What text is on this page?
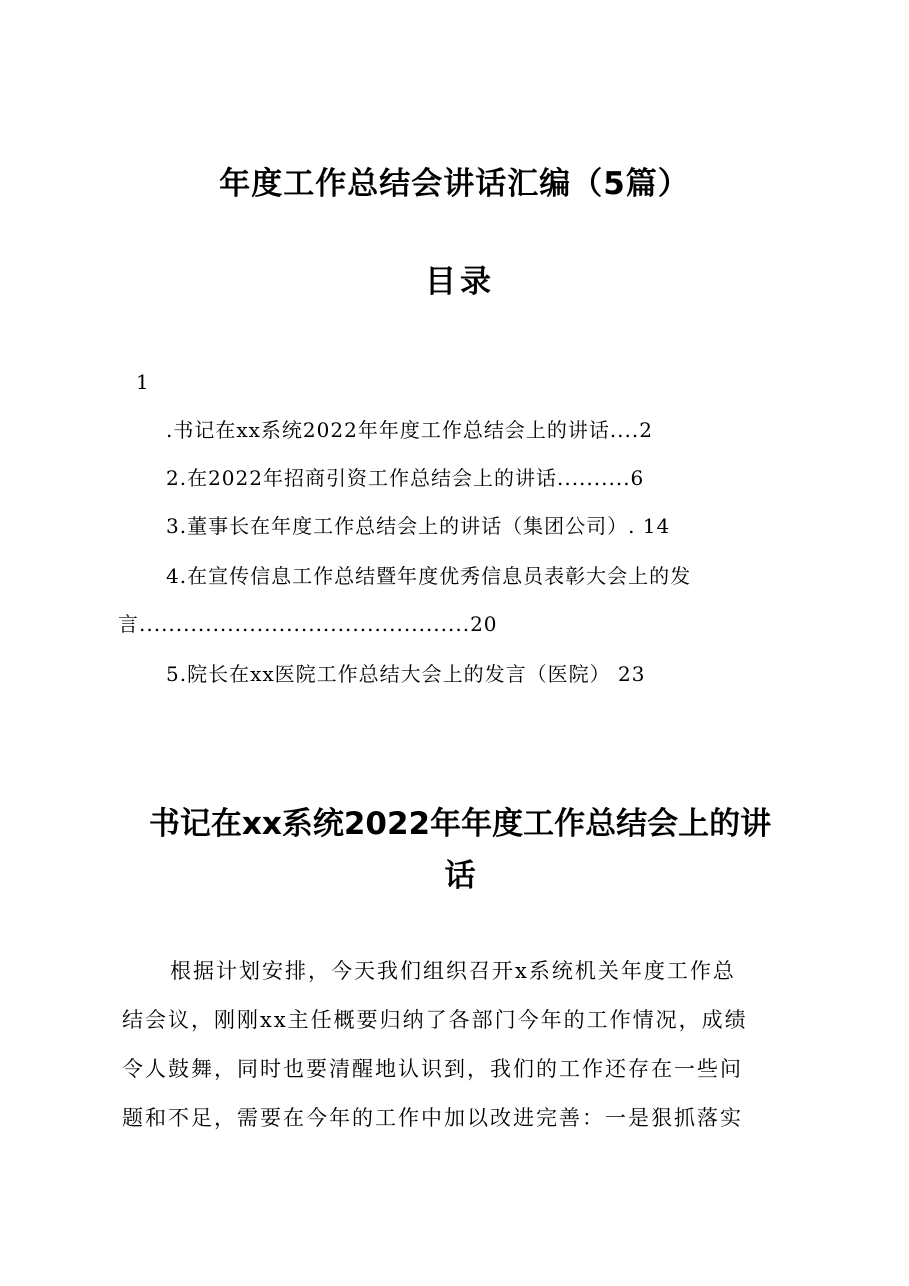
年度工作总结会讲话汇编（5篇）
目录
1
.书记在xx系统2022年年度工作总结会上的讲话....2
2.在2022年招商引资工作总结会上的讲话..........6
3.董事长在年度工作总结会上的讲话（集团公司）. 14
4.在宣传信息工作总结暨年度优秀信息员表彰大会上的发
言.............................................20
5.院长在xx医院工作总结大会上的发言（医院） 23
书记在xx系统2022年年度工作总结会上的讲
话
根据计划安排，今天我们组织召开x系统机关年度工作总
结会议，刚刚xx主任概要归纳了各部门今年的工作情况，成绩
令人鼓舞，同时也要清醒地认识到，我们的工作还存在一些问
题和不足，需要在今年的工作中加以改进完善：一是狠抓落实
